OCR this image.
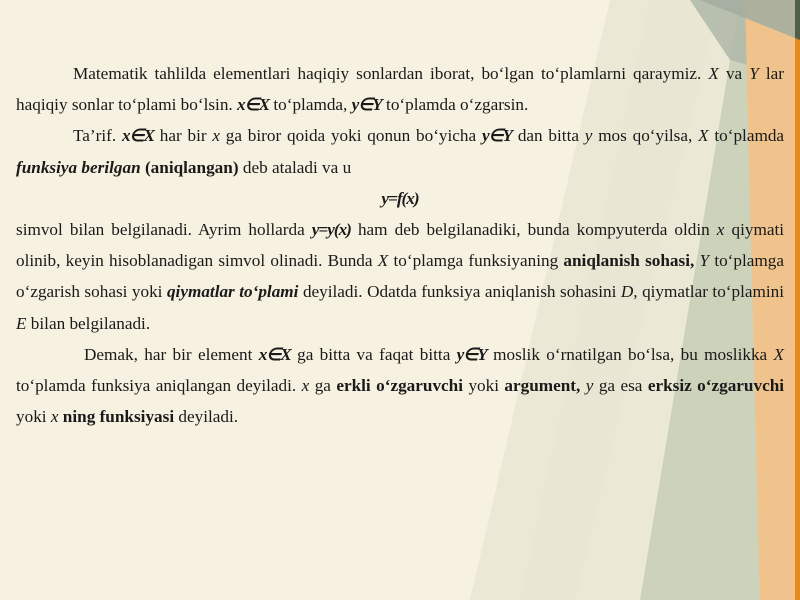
Matematik tahlilda elementlari haqiqiy sonlardan iborat, bo‘lgan to‘plamlarni qaraymiz. X va Y lar haqiqiy sonlar to‘plami bo‘lsin. x∈X to‘plamda, y∈Y to‘plamda o‘zgarsin.

Ta’rif. x∈X har bir x ga biror qoida yoki qonun bo‘yicha y∈Y dan bitta y mos qo‘yilsa, X to‘plamda funksiya berilgan (aniqlangan) deb ataladi va u

y=f(x)

simvol bilan belgilanadi. Ayrim hollarda y=y(x) ham deb belgilanadiki, bunda kompyuterda oldin x qiymati olinib, keyin hisoblanadigan simvol olinadi. Bunda X to‘plamga funksiyaning aniqlanish sohasi, Y to‘plamga o‘zgarish sohasi yoki qiymatlar to‘plami deyiladi. Odatda funksiya aniqlanish sohasini D, qiymatlar to‘plamini E bilan belgilanadi.

Demak, har bir element x∈X ga bitta va faqat bitta y∈Y moslik o‘rnatilgan bo‘lsa, bu moslikka X to‘plamda funksiya aniqlangan deyiladi. x ga erkli o‘zgaruvchi yoki argument, y ga esa erksiz o‘zgaruvchi yoki x ning funksiyasi deyiladi.
